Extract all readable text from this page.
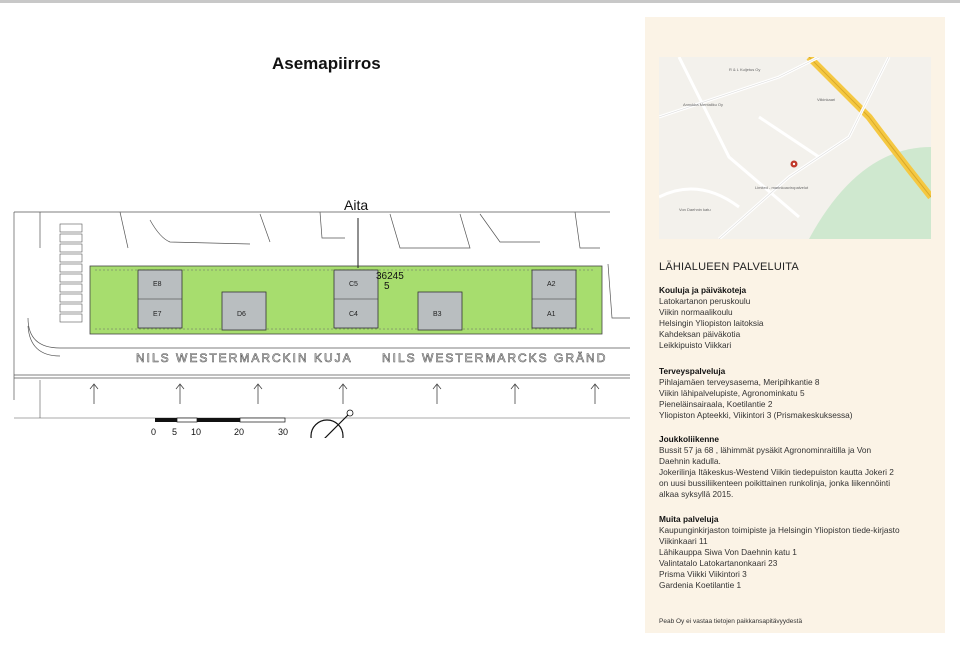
Asemapiirros
Aita
E8
E7	D6
C5
C4	B3
A2
A1
36245
5
NILS WESTERMARCKIN KUJA NILS WESTERMARCKS GRÄND
0 5 10	20	30
R & L Kuljetus Oy
Annukka Mentaliku Oy
Von Daehnin katu
Limited - marinkoaviropalvelut
Viikinkaari
LÄHIALUEEN PALVELUITA
Kouluja ja päiväkoteja
Latokartanon peruskoulu
Viikin normaalikoulu
Helsingin Yliopiston laitoksia
Kahdeksan päiväkotia
Leikkipuisto Viikkari
Terveyspalveluja
Pihlajamäen terveysasema, Meripihkantie 8
Viikin lähipalvelupiste, Agronominkatu 5
Pieneläinsairaala, Koetilantie 2
Yliopiston Apteekki, Viikintori 3 (Prismakeskuksessa)
Joukkoliikenne
Bussit 57 ja 68 , lähimmät pysäkit Agronominraitilla ja Von Daehnin kadulla.
Jokerilinja Itäkeskus-Westend Viikin tiedepuiston kautta Jokeri 2 on uusi bussiliikenteen poikittainen runkolinja, jonka liikennöinti alkaa syksyllä 2015.
Muita palveluja
Kaupunginkirjaston toimipiste ja Helsingin Yliopiston tiede-kirjasto Viikinkaari 11
Lähikauppa Siwa Von Daehnin katu 1
Valintatalo Latokartanonkaari 23
Prisma Viikki Viikintori 3
Gardenia Koetilantie 1
Peab Oy ei vastaa tietojen paikkansapitävyydestä
